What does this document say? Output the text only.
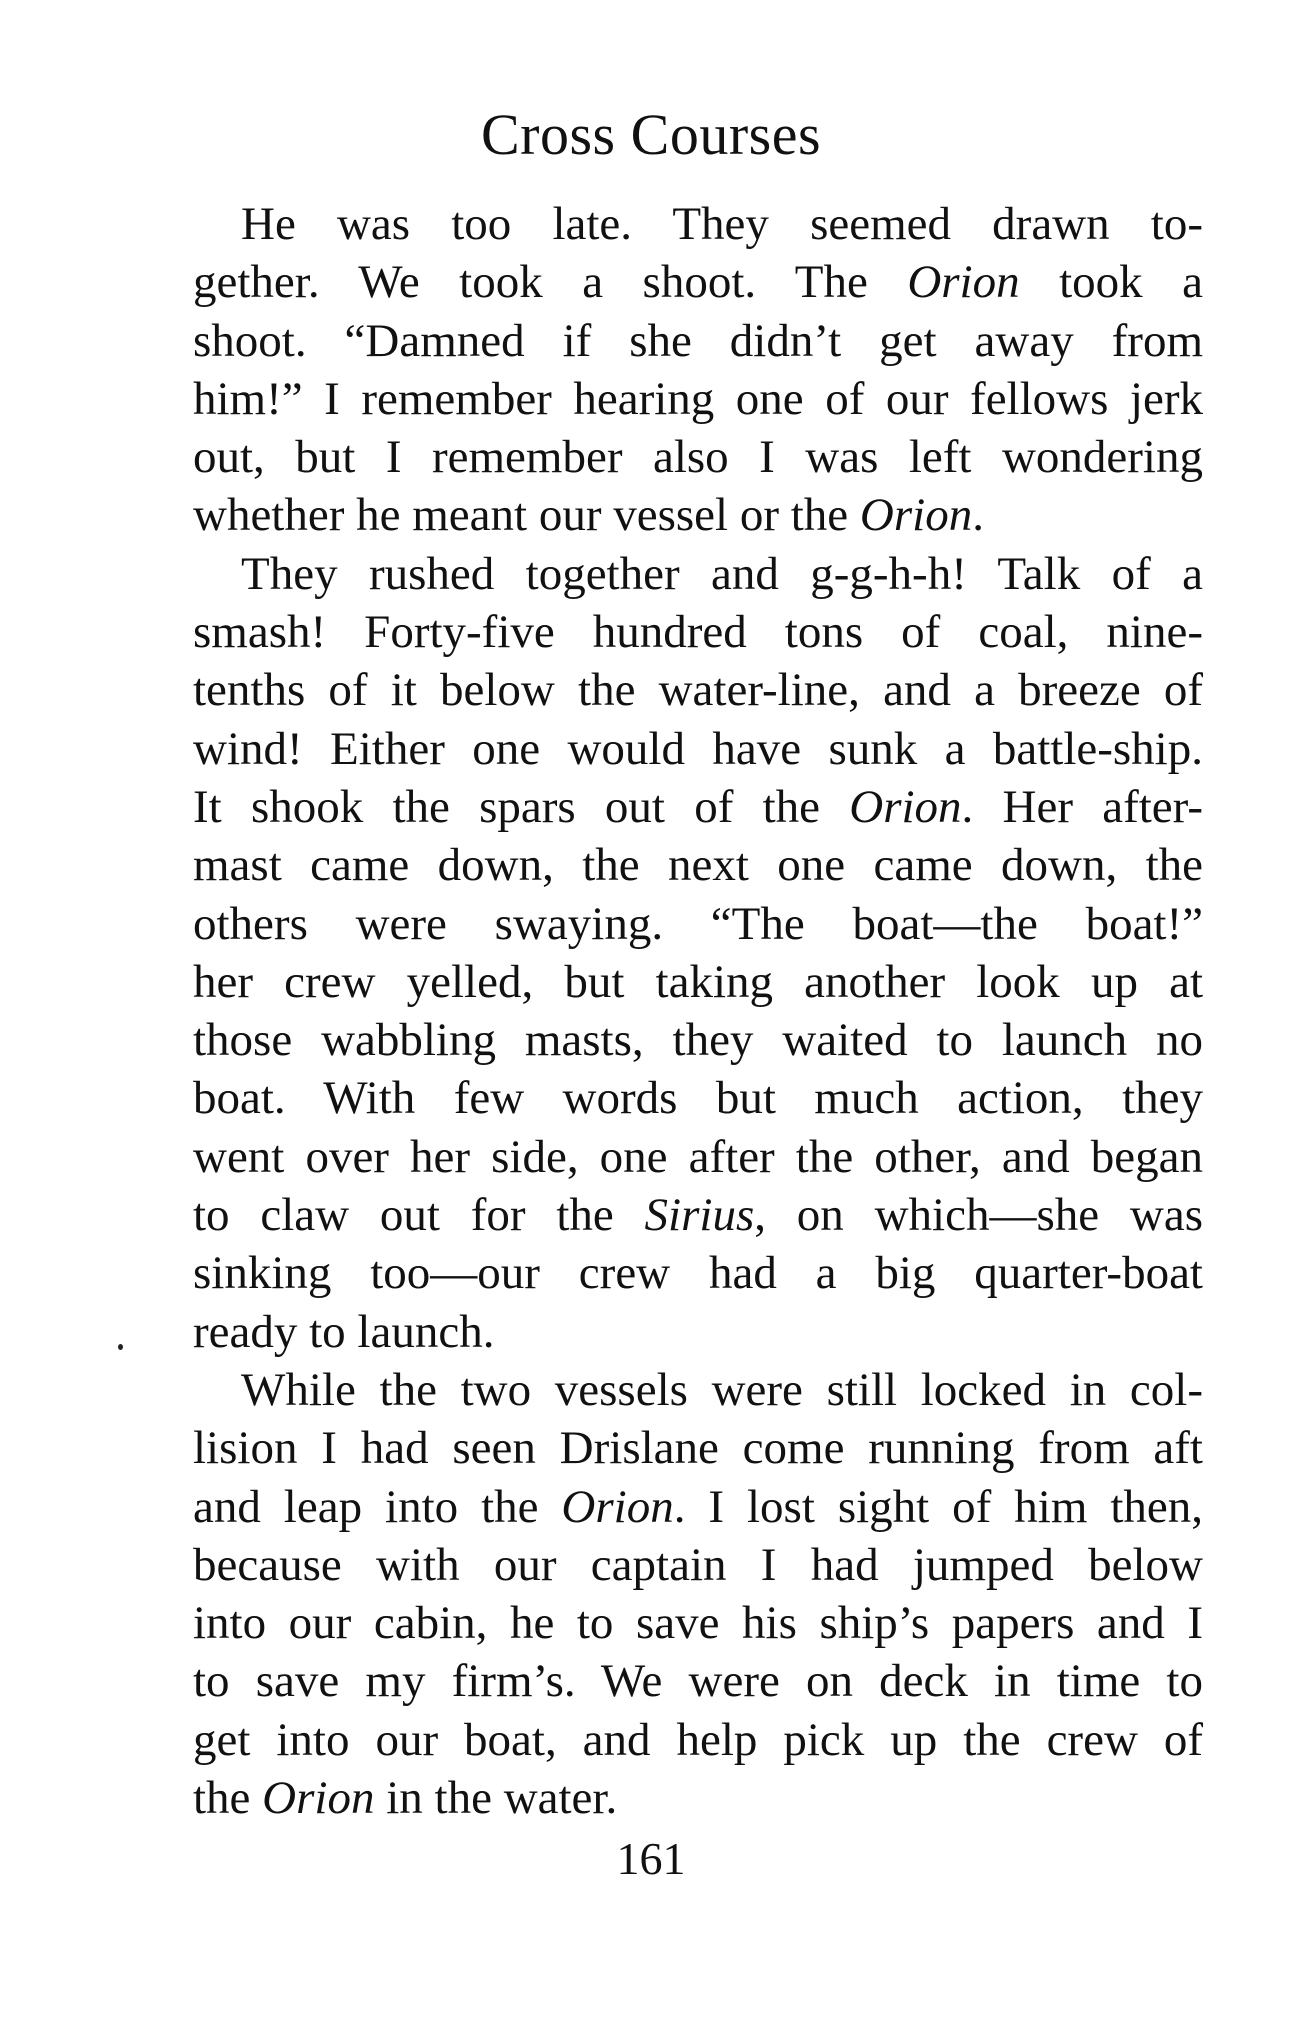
Cross Courses
He was too late. They seemed drawn to-
gether. We took a shoot. The Orion took a
shoot. “Damned if she didn’t get away from
him!” I remember hearing one of our fellows jerk
out, but I remember also I was left wondering
whether he meant our vessel or the Orion.
They rushed together and g-g-h-h! Talk of a
smash! Forty-five hundred tons of coal, nine-
tenths of it below the water-line, and a breeze of
wind! Either one would have sunk a battle-ship.
It shook the spars out of the Orion. Her after-
mast came down, the next one came down, the
others were swaying. “The boat—the boat!”
her crew yelled, but taking another look up at
those wabbling masts, they waited to launch no
boat. With few words but much action, they
went over her side, one after the other, and began
to claw out for the Sirius, on which—she was
sinking too—our crew had a big quarter-boat
ready to launch.
While the two vessels were still locked in col-
lision I had seen Drislane come running from aft
and leap into the Orion. I lost sight of him then,
because with our captain I had jumped below
into our cabin, he to save his ship’s papers and I
to save my firm’s. We were on deck in time to
get into our boat, and help pick up the crew of
the Orion in the water.
161
